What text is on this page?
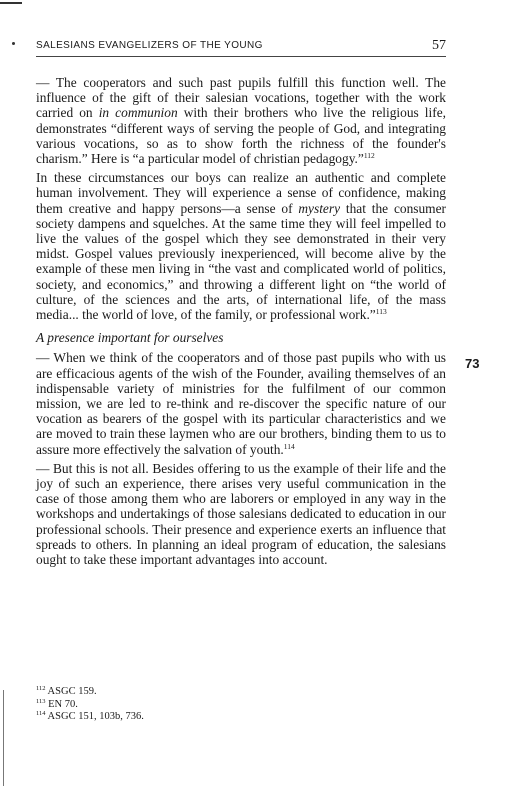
SALESIANS EVANGELIZERS OF THE YOUNG	57
73

— The cooperators and such past pupils fulfill this function well. The influence of the gift of their salesian vocations, together with the work carried on in communion with their brothers who live the religious life, demonstrates “different ways of serving the people of God, and integrating various vocations, so as to show forth the richness of the founder's charism.” Here is “a particular model of christian pedagogy.”$^{112}$

In these circumstances our boys can realize an authentic and complete human involvement. They will experience a sense of confidence, making them creative and happy persons—a sense of mystery that the consumer society dampens and squelches. At the same time they will feel impelled to live the values of the gospel which they see demonstrated in their very midst. Gospel values previously inexperienced, will become alive by the example of these men living in “the vast and complicated world of politics, society, and economics,” and throwing a different light on “the world of culture, of the sciences and the arts, of international life, of the mass media... the world of love, of the family, or professional work.”$^{113}$

A presence important for ourselves

— When we think of the cooperators and of those past pupils who with us are efficacious agents of the wish of the Founder, availing themselves of an indispensable variety of ministries for the fulfilment of our common mission, we are led to re-think and re-discover the specific nature of our vocation as bearers of the gospel with its particular characteristics and we are moved to train these laymen who are our brothers, binding them to us to assure more effectively the salvation of youth.$^{114}$

— But this is not all. Besides offering to us the example of their life and the joy of such an experience, there arises very useful communication in the case of those among them who are laborers or employed in any way in the workshops and undertakings of those salesians dedicated to education in our professional schools. Their presence and experience exerts an influence that spreads to others. In planning an ideal program of education, the salesians ought to take these important advantages into account.

$^{112}$ ASGC 159.
$^{113}$ EN 70.
$^{114}$ ASGC 151, 103b, 736.
